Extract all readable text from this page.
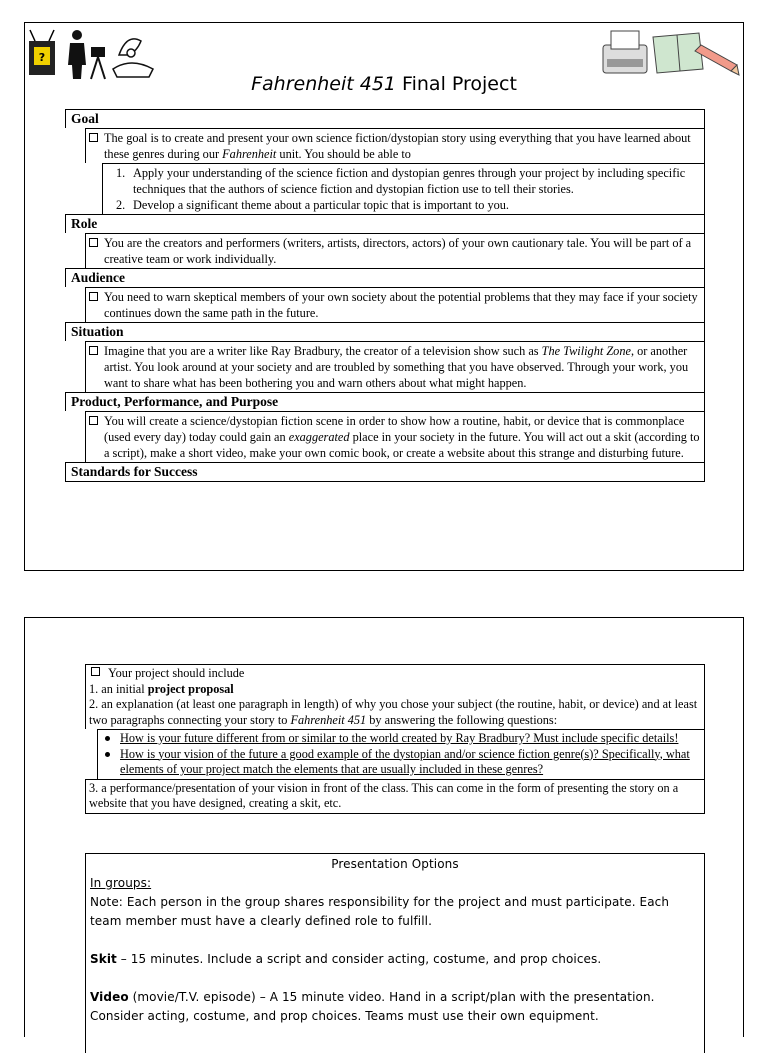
?
Fahrenheit 451 Final Project
Goal
The goal is to create and present your own science fiction/dystopian story using everything that you have learned about these genres during our Fahrenheit unit. You should be able to
1. Apply your understanding of the science fiction and dystopian genres through your project by including specific techniques that the authors of science fiction and dystopian fiction use to tell their stories.
2. Develop a significant theme about a particular topic that is important to you.
Role
You are the creators and performers (writers, artists, directors, actors) of your own cautionary tale. You will be part of a creative team or work individually.
Audience
You need to warn skeptical members of your own society about the potential problems that they may face if your society continues down the same path in the future.
Situation
Imagine that you are a writer like Ray Bradbury, the creator of a television show such as The Twilight Zone, or another artist. You look around at your society and are troubled by something that you have observed. Through your work, you want to share what has been bothering you and warn others about what might happen.
Product, Performance, and Purpose
You will create a science/dystopian fiction scene in order to show how a routine, habit, or device that is commonplace (used every day) today could gain an exaggerated place in your society in the future. You will act out a skit (according to a script), make a short video, make your own comic book, or create a website about this strange and disturbing future.
Standards for Success
Your project should include
1. an initial project proposal
2. an explanation (at least one paragraph in length) of why you chose your subject (the routine, habit, or device) and at least two paragraphs connecting your story to Fahrenheit 451 by answering the following questions:
How is your future different from or similar to the world created by Ray Bradbury? Must include specific details!
How is your vision of the future a good example of the dystopian and/or science fiction genre(s)? Specifically, what elements of your project match the elements that are usually included in these genres?
3. a performance/presentation of your vision in front of the class. This can come in the form of presenting the story on a website that you have designed, creating a skit, etc.
Presentation Options
In groups:
Note: Each person in the group shares responsibility for the project and must participate. Each team member must have a clearly defined role to fulfill.
Skit – 15 minutes. Include a script and consider acting, costume, and prop choices.
Video (movie/T.V. episode) – A 15 minute video. Hand in a script/plan with the presentation. Consider acting, costume, and prop choices. Teams must use their own equipment.
